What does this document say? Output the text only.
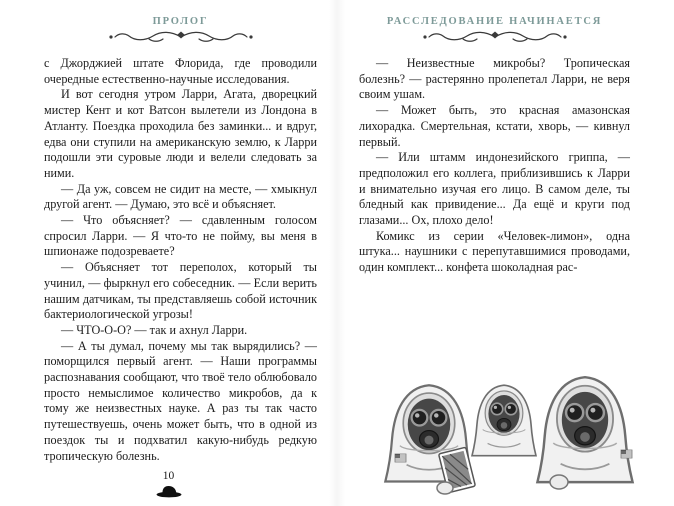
ПРОЛОГ

с Джорджией штате Флорида, где проводили очередные естественно-научные исследования.

И вот сегодня утром Ларри, Агата, дворецкий мистер Кент и кот Ватсон вылетели из Лондона в Атланту. Поездка проходила без заминки... и вдруг, едва они ступили на американскую землю, к Ларри подошли эти суровые люди и велели следовать за ними.

— Да уж, совсем не сидит на месте, — хмыкнул другой агент. — Думаю, это всё и объясняет.

— Что объясняет? — сдавленным голосом спросил Ларри. — Я что-то не пойму, вы меня в шпионаже подозреваете?

— Объясняет тот переполох, который ты учинил, — фыркнул его собеседник. — Если верить нашим датчикам, ты представляешь собой источник бактериологической угрозы!

— ЧТО-О-О? — так и ахнул Ларри.

— А ты думал, почему мы так вырядились? — поморщился первый агент. — Наши программы распознавания сообщают, что твоё тело облюбовало просто немыслимое количество микробов, да к тому же неизвестных науке. А раз ты так часто путешествуешь, очень может быть, что в одной из поездок ты и подхватил какую-нибудь редкую тропическую болезнь.

10
РАССЛЕДОВАНИЕ НАЧИНАЕТСЯ

— Неизвестные микробы? Тропическая болезнь? — растерянно пролепетал Ларри, не веря своим ушам.

— Может быть, это красная амазонская лихорадка. Смертельная, кстати, хворь, — кивнул первый.

— Или штамм индонезийского гриппа, — предположил его коллега, приблизившись к Ларри и внимательно изучая его лицо. В самом деле, ты бледный как привидение... Да ещё и круги под глазами... Ох, плохо дело!

Комикс из серии «Человек-лимон», одна штука... наушники с перепутавшимися проводами, один комплект... конфета шоколадная рас-
